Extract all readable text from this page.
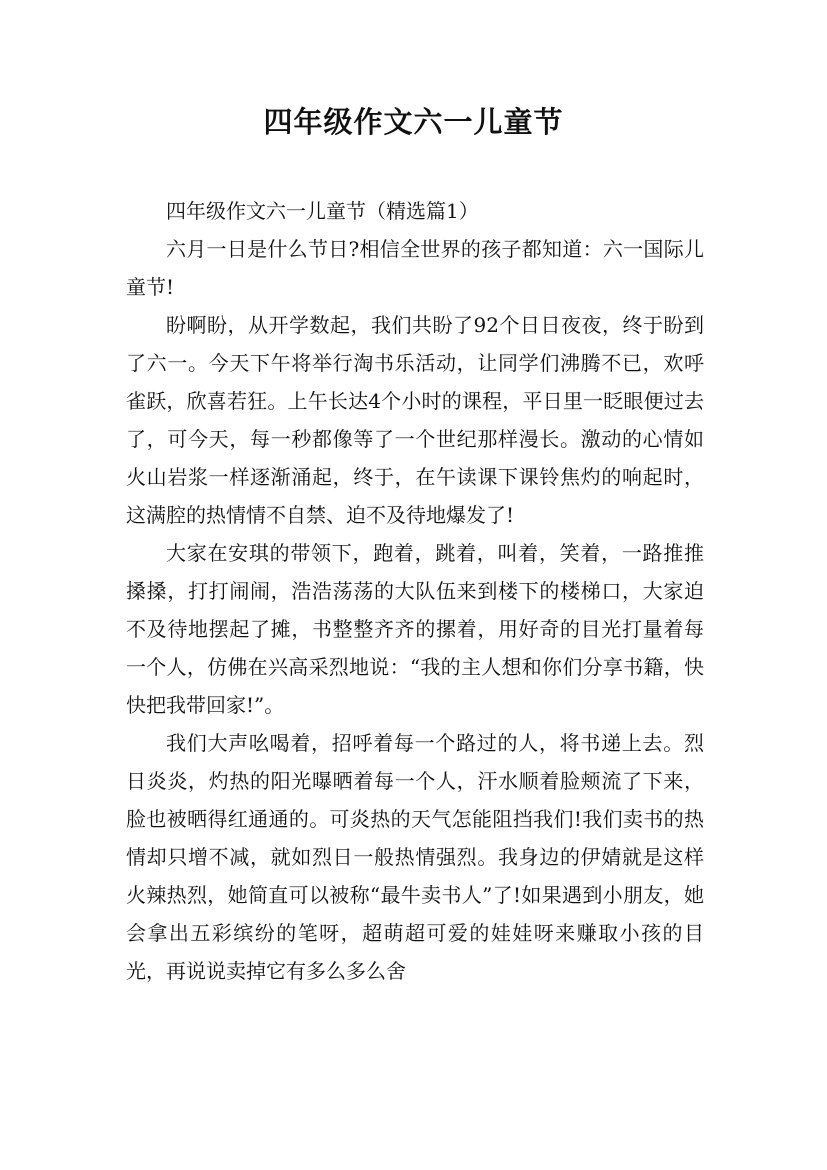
四年级作文六一儿童节

四年级作文六一儿童节（精选篇1）

六月一日是什么节日?相信全世界的孩子都知道：六一国际儿童节!

盼啊盼，从开学数起，我们共盼了92个日日夜夜，终于盼到了六一。今天下午将举行淘书乐活动，让同学们沸腾不已，欢呼雀跃，欣喜若狂。上午长达4个小时的课程，平日里一眨眼便过去了，可今天，每一秒都像等了一个世纪那样漫长。激动的心情如火山岩浆一样逐渐涌起，终于，在午读课下课铃焦灼的响起时，这满腔的热情情不自禁、迫不及待地爆发了!

大家在安琪的带领下，跑着，跳着，叫着，笑着，一路推推搡搡，打打闹闹，浩浩荡荡的大队伍来到楼下的楼梯口，大家迫不及待地摆起了摊，书整整齐齐的摞着，用好奇的目光打量着每一个人，仿佛在兴高采烈地说：“我的主人想和你们分享书籍，快快把我带回家!”。

我们大声吆喝着，招呼着每一个路过的人，将书递上去。烈日炎炎，灼热的阳光曝晒着每一个人，汗水顺着脸颊流了下来，脸也被晒得红通通的。可炎热的天气怎能阻挡我们!我们卖书的热情却只增不减，就如烈日一般热情强烈。我身边的伊婧就是这样火辣热烈，她简直可以被称“最牛卖书人”了!如果遇到小朋友，她会拿出五彩缤纷的笔呀，超萌超可爱的娃娃呀来赚取小孩的目光，再说说卖掉它有多么多么舍
